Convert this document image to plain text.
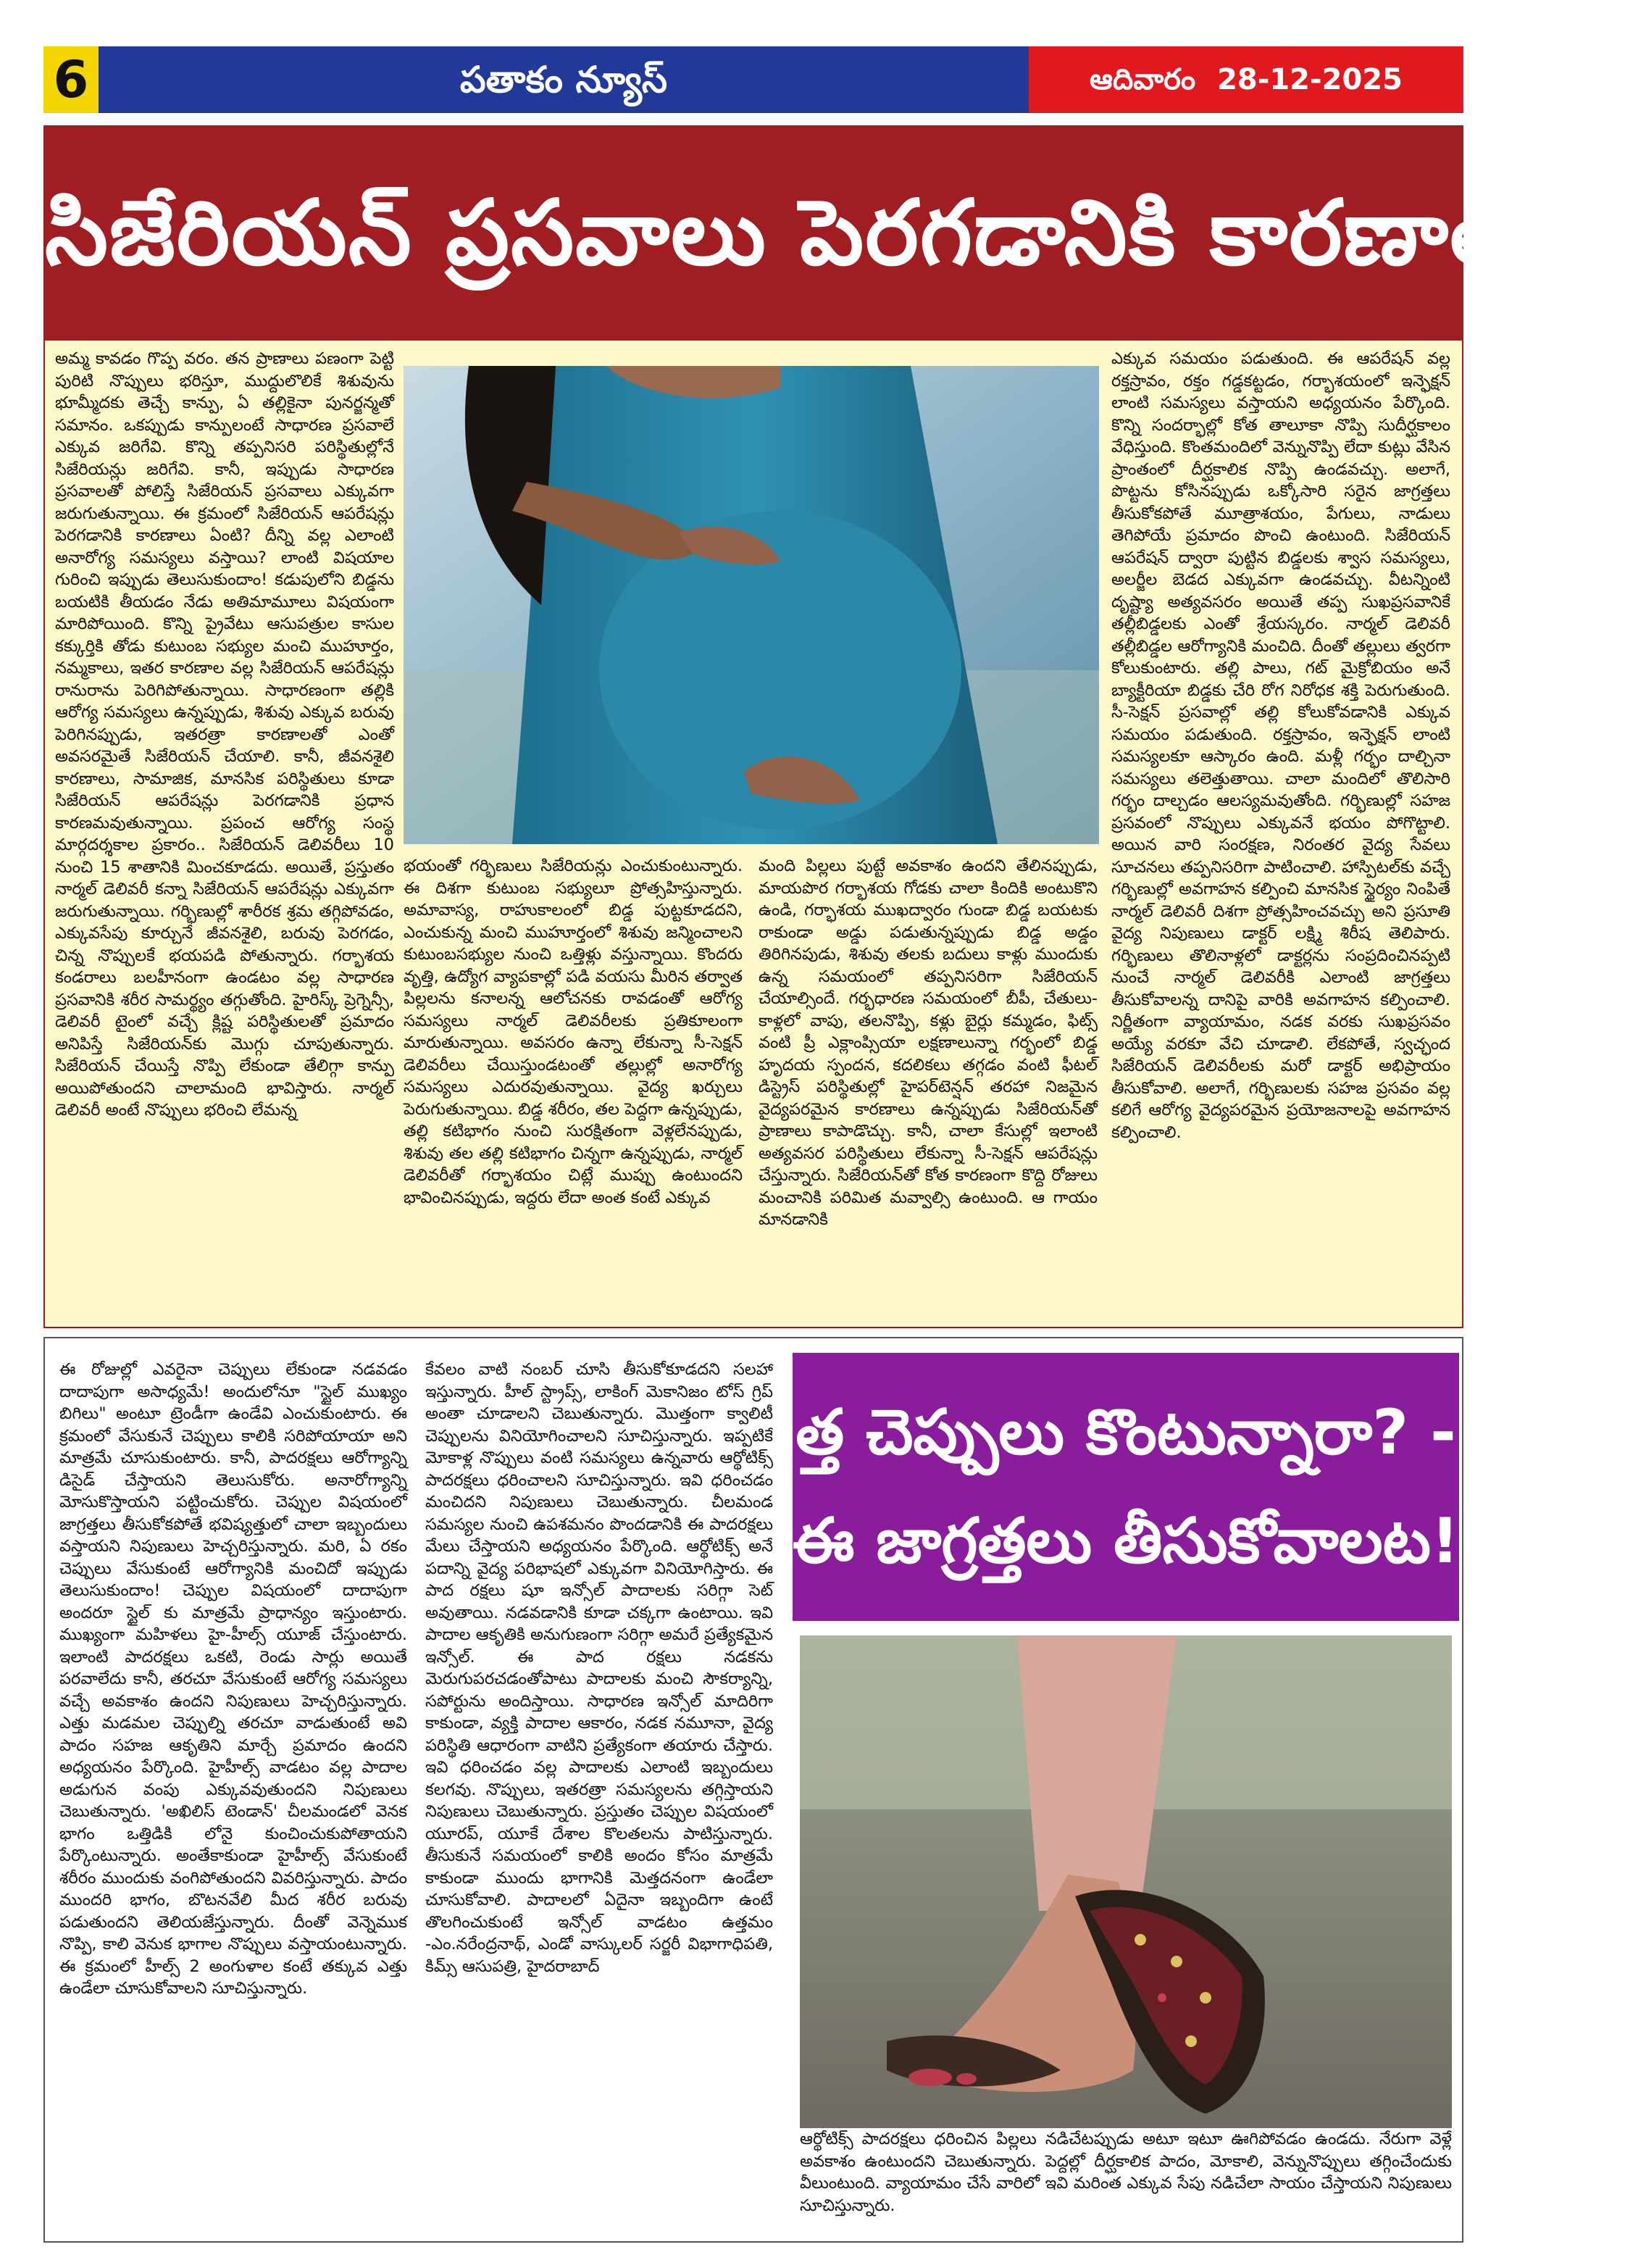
6	పతాకం న్యూస్	ఆదివారం 28-12-2025
సిజేరియన్ ప్రసవాలు పెరగడానికి కారణాలివే!

అమ్మ కావడం గొప్ప వరం. తన ప్రాణాలు పణంగా పెట్టి పురిటి నొప్పులు భరిస్తూ, ముద్దులొలికే శిశువును భూమ్మీదకు తెచ్చే కాన్పు, ఏ తల్లికైనా పునర్జన్మతో సమానం. ఒకప్పుడు కాన్పులంటే సాధారణ ప్రసవాలే ఎక్కువ జరిగేవి. కొన్ని తప్పనిసరి పరిస్థితుల్లోనే సిజేరియన్లు జరిగేవి. కానీ, ఇప్పుడు సాధారణ ప్రసవాలతో పోలిస్తే సిజేరియన్ ప్రసవాలు ఎక్కువగా జరుగుతున్నాయి. ఈ క్రమంలో సిజేరియన్ ఆపరేషన్లు పెరగడానికి కారణాలు ఏంటి? దీన్ని వల్ల ఎలాంటి అనారోగ్య సమస్యలు వస్తాయి? లాంటి విషయాల గురించి ఇప్పుడు తెలుసుకుందాం! కడుపులోని బిడ్డను బయటికి తీయడం నేడు అతిమామూలు విషయంగా మారిపోయింది. కొన్ని ప్రైవేటు ఆసుపత్రుల కాసుల కక్కుర్తికి తోడు కుటుంబ సభ్యుల మంచి ముహూర్తం, నమ్మకాలు, ఇతర కారణాల వల్ల సిజేరియన్ ఆపరేషన్లు రానురాను పెరిగిపోతున్నాయి. సాధారణంగా తల్లికి ఆరోగ్య సమస్యలు ఉన్నప్పుడు, శిశువు ఎక్కువ బరువు పెరిగినప్పుడు, ఇతరత్రా కారణాలతో ఎంతో అవసరమైతే సిజేరియన్ చేయాలి. కానీ, జీవనశైలి కారణాలు, సామాజిక, మానసిక పరిస్థితులు కూడా సిజేరియన్ ఆపరేషన్లు పెరగడానికి ప్రధాన కారణమవుతున్నాయి. ప్రపంచ ఆరోగ్య సంస్థ మార్గదర్శకాల ప్రకారం.. సిజేరియన్ డెలివరీలు 10 నుంచి 15 శాతానికి మించకూడదు. అయితే, ప్రస్తుతం నార్మల్ డెలివరీ కన్నా సిజేరియన్ ఆపరేషన్లు ఎక్కువగా జరుగుతున్నాయి. గర్భిణుల్లో శారీరక శ్రమ తగ్గిపోవడం, ఎక్కువసేపు కూర్చునే జీవనశైలి, బరువు పెరగడం, చిన్న నొప్పులకే భయపడి పోతున్నారు. గర్భాశయ కండరాలు బలహీనంగా ఉండటం వల్ల సాధారణ ప్రసవానికి శరీర సామర్థ్యం తగ్గుతోంది. హైరిస్క్ ప్రెగ్నెన్సీ, డెలివరీ టైంలో వచ్చే క్లిష్ట పరిస్థితులతో ప్రమాదం అనిపిస్తే సిజేరియన్‌కు మొగ్గు చూపుతున్నారు. సిజేరియన్ చేయిస్తే నొప్పి లేకుండా తేలిగ్గా కాన్పు అయిపోతుందని చాలామంది భావిస్తారు. నార్మల్ డెలివరీ అంటే నొప్పులు భరించి లేమన్న

భయంతో గర్భిణులు సిజేరియన్లు ఎంచుకుంటున్నారు. ఈ దిశగా కుటుంబ సభ్యులూ ప్రోత్సహిస్తున్నారు. అమావాస్య, రాహుకాలంలో బిడ్డ పుట్టకూడదని, ఎంచుకున్న మంచి ముహూర్తంలో శిశువు జన్మించాలని కుటుంబసభ్యుల నుంచి ఒత్తిళ్లు వస్తున్నాయి. కొందరు వృత్తి, ఉద్యోగ వ్యాపకాల్లో పడి వయసు మీరిన తర్వాత పిల్లలను కనాలన్న ఆలోచనకు రావడంతో ఆరోగ్య సమస్యలు నార్మల్ డెలివరీలకు ప్రతికూలంగా మారుతున్నాయి. అవసరం ఉన్నా లేకున్నా సీ-సెక్షన్ డెలివరీలు చేయిస్తుండటంతో తల్లుల్లో అనారోగ్య సమస్యలు ఎదురవుతున్నాయి. వైద్య ఖర్చులు పెరుగుతున్నాయి. బిడ్డ శరీరం, తల పెద్దగా ఉన్నప్పుడు, తల్లి కటిభాగం నుంచి సురక్షితంగా వెళ్లలేనప్పుడు, శిశువు తల తల్లి కటిభాగం చిన్నగా ఉన్నప్పుడు, నార్మల్ డెలివరీతో గర్భాశయం చిట్లే ముప్పు ఉంటుందని భావించినప్పుడు, ఇద్దరు లేదా అంత కంటే ఎక్కువ

మంది పిల్లలు పుట్టే అవకాశం ఉందని తేలినప్పుడు, మాయపొర గర్భాశయ గోడకు చాలా కిందికి అంటుకొని ఉండి, గర్భాశయ ముఖద్వారం గుండా బిడ్డ బయటకు రాకుండా అడ్డు పడుతున్నప్పుడు బిడ్డ అడ్డం తిరిగినపుడు, శిశువు తలకు బదులు కాళ్లు ముందుకు ఉన్న సమయంలో తప్పనిసరిగా సిజేరియన్ చేయాల్సిందే. గర్భధారణ సమయంలో బీపీ, చేతులు-కాళ్లలో వాపు, తలనొప్పి, కళ్లు బైర్లు కమ్మడం, ఫిట్స్ వంటి ప్రీ ఎక్లాంప్సియా లక్షణాలున్నా గర్భంలో బిడ్డ హృదయ స్పందన, కదలికలు తగ్గడం వంటి ఫీటల్ డిస్ట్రెస్ పరిస్థితుల్లో హైపర్‌టెన్షన్ తరహా నిజమైన వైద్యపరమైన కారణాలు ఉన్నప్పుడు సిజేరియన్‌తో ప్రాణాలు కాపాడొచ్చు. కానీ, చాలా కేసుల్లో ఇలాంటి అత్యవసర పరిస్థితులు లేకున్నా సీ-సెక్షన్ ఆపరేషన్లు చేస్తున్నారు. సిజేరియన్‌తో కోత కారణంగా కొద్ది రోజులు మంచానికి పరిమిత మవ్వాల్సి ఉంటుంది. ఆ గాయం మానడానికి

ఎక్కువ సమయం పడుతుంది. ఈ ఆపరేషన్ వల్ల రక్తస్రావం, రక్తం గడ్డకట్టడం, గర్భాశయంలో ఇన్ఫెక్షన్ లాంటి సమస్యలు వస్తాయని అధ్యయనం పేర్కొంది. కొన్ని సందర్భాల్లో కోత తాలూకా నొప్పి సుదీర్ఘకాలం వేధిస్తుంది. కొంతమందిలో వెన్నునొప్పి లేదా కుట్లు వేసిన ప్రాంతంలో దీర్ఘకాలిక నొప్పి ఉండవచ్చు. అలాగే, పొట్టను కోసినప్పుడు ఒక్కోసారి సరైన జాగ్రత్తలు తీసుకోకపోతే మూత్రాశయం, పేగులు, నాడులు తెగిపోయే ప్రమాదం పొంచి ఉంటుంది. సిజేరియన్ ఆపరేషన్ ద్వారా పుట్టిన బిడ్డలకు శ్వాస సమస్యలు, అలర్జీల బెడద ఎక్కువగా ఉండవచ్చు. వీటన్నింటి దృష్ట్యా అత్యవసరం అయితే తప్ప సుఖప్రసవానికే తల్లీబిడ్డలకు ఎంతో శ్రేయస్కరం. నార్మల్ డెలివరీ తల్లీబిడ్డల ఆరోగ్యానికి మంచిది. దీంతో తల్లులు త్వరగా కోలుకుంటారు. తల్లి పాలు, గట్ మైక్రోబియం అనే బ్యాక్టీరియా బిడ్డకు చేరి రోగ నిరోధక శక్తి పెరుగుతుంది. సీ-సెక్షన్ ప్రసవాల్లో తల్లి కోలుకోవడానికి ఎక్కువ సమయం పడుతుంది. రక్తస్రావం, ఇన్ఫెక్షన్ లాంటి సమస్యలకూ ఆస్కారం ఉంది. మళ్లీ గర్భం దాల్చినా సమస్యలు తలెత్తుతాయి. చాలా మందిలో తొలిసారి గర్భం దాల్చడం ఆలస్యమవుతోంది. గర్భిణుల్లో సహజ ప్రసవంలో నొప్పులు ఎక్కువనే భయం పోగొట్టాలి. అయిన వారి సంరక్షణ, నిరంతర వైద్య సేవలు సూచనలు తప్పనిసరిగా పాటించాలి. హాస్పిటల్‌కు వచ్చే గర్భిణుల్లో అవగాహన కల్పించి మానసిక స్థైర్యం నింపితే నార్మల్ డెలివరీ దిశగా ప్రోత్సహించవచ్చు అని ప్రసూతి వైద్య నిపుణులు డాక్టర్ లక్ష్మి శిరీష తెలిపారు. గర్భిణులు తొలినాళ్లలో డాక్టర్లను సంప్రదించినప్పటి నుంచే నార్మల్ డెలివరీకి ఎలాంటి జాగ్రత్తలు తీసుకోవాలన్న దానిపై వారికి అవగాహన కల్పించాలి. నిర్ణీతంగా వ్యాయామం, నడక వరకు సుఖప్రసవం అయ్యే వరకూ వేచి చూడాలి. లేకపోతే, స్వచ్ఛంద సిజేరియన్ డెలివరీలకు మరో డాక్టర్ అభిప్రాయం తీసుకోవాలి. అలాగే, గర్భిణులకు సహజ ప్రసవం వల్ల కలిగే ఆరోగ్య వైద్యపరమైన ప్రయోజనాలపై అవగాహన కల్పించాలి.

ఈ రోజుల్లో ఎవరైనా చెప్పులు లేకుండా నడవడం దాదాపుగా అసాధ్యమే! అందులోనూ "స్టైల్ ముఖ్యం బిగిలు" అంటూ ట్రెండీగా ఉండేవి ఎంచుకుంటారు. ఈ క్రమంలో వేసుకునే చెప్పులు కాలికి సరిపోయాయా అని మాత్రమే చూసుకుంటారు. కానీ, పాదరక్షలు ఆరోగ్యాన్ని డిసైడ్ చేస్తాయని తెలుసుకోరు. అనారోగ్యాన్ని మోసుకొస్తాయని పట్టించుకోరు. చెప్పుల విషయంలో జాగ్రత్తలు తీసుకోకపోతే భవిష్యత్తులో చాలా ఇబ్బందులు వస్తాయని నిపుణులు హెచ్చరిస్తున్నారు. మరి, ఏ రకం చెప్పులు వేసుకుంటే ఆరోగ్యానికి మంచిదో ఇప్పుడు తెలుసుకుందాం! చెప్పుల విషయంలో దాదాపుగా అందరూ స్టైల్ కు మాత్రమే ప్రాధాన్యం ఇస్తుంటారు. ముఖ్యంగా మహిళలు హై-హీల్స్ యూజ్ చేస్తుంటారు. ఇలాంటి పాదరక్షలు ఒకటి, రెండు సార్లు అయితే పరవాలేదు కానీ, తరచూ వేసుకుంటే ఆరోగ్య సమస్యలు వచ్చే అవకాశం ఉందని నిపుణులు హెచ్చరిస్తున్నారు. ఎత్తు మడమల చెప్పుల్ని తరచూ వాడుతుంటే అవి పాదం సహజ ఆకృతిని మార్చే ప్రమాదం ఉందని అధ్యయనం పేర్కొంది. హైహీల్స్ వాడటం వల్ల పాదాల అడుగున వంపు ఎక్కువవుతుందని నిపుణులు చెబుతున్నారు. 'అఖిలిస్ టెండాన్' చీలమండలో వెనక భాగం ఒత్తిడికి లోనై కుంచించుకుపోతాయని పేర్కొంటున్నారు. అంతేకాకుండా హైహీల్స్ వేసుకుంటే శరీరం ముందుకు వంగిపోతుందని వివరిస్తున్నారు. పాదం ముందరి భాగం, బొటనవేలి మీద శరీర బరువు పడుతుందని తెలియజేస్తున్నారు. దీంతో వెన్నెముక నొప్పి, కాలి వెనుక భాగాల నొప్పులు వస్తాయంటున్నారు. ఈ క్రమంలో హీల్స్ 2 అంగుళాల కంటే తక్కువ ఎత్తు ఉండేలా చూసుకోవాలని సూచిస్తున్నారు.

కేవలం వాటి నంబర్ చూసి తీసుకోకూడదని సలహా ఇస్తున్నారు. హీల్ స్ట్రాప్స్, లాకింగ్ మెకానిజం టోస్ గ్రిప్ అంతా చూడాలని చెబుతున్నారు. మొత్తంగా క్వాలిటీ చెప్పులను వినియోగించాలని సూచిస్తున్నారు. ఇప్పటికే మోకాళ్ల నొప్పులు వంటి సమస్యలు ఉన్నవారు ఆర్థోటిక్స్ పాదరక్షలు ధరించాలని సూచిస్తున్నారు. ఇవి ధరించడం మంచిదని నిపుణులు చెబుతున్నారు. చీలమండ సమస్యల నుంచి ఉపశమనం పొందడానికి ఈ పాదరక్షలు మేలు చేస్తాయని అధ్యయనం పేర్కొంది. ఆర్థోటిక్స్ అనే పదాన్ని వైద్య పరిభాషలో ఎక్కువగా వినియోగిస్తారు. ఈ పాద రక్షలు షూ ఇన్సోల్ పాదాలకు సరిగ్గా సెట్ అవుతాయి. నడవడానికి కూడా చక్కగా ఉంటాయి. ఇవి పాదాల ఆకృతికి అనుగుణంగా సరిగ్గా అమరే ప్రత్యేకమైన ఇన్సోల్. ఈ పాద రక్షలు నడకను మెరుగుపరచడంతోపాటు పాదాలకు మంచి సౌకర్యాన్ని, సపోర్టును అందిస్తాయి. సాధారణ ఇన్సోల్ మాదిరిగా కాకుండా, వ్యక్తి పాదాల ఆకారం, నడక నమూనా, వైద్య పరిస్థితి ఆధారంగా వాటిని ప్రత్యేకంగా తయారు చేస్తారు. ఇవి ధరించడం వల్ల పాదాలకు ఎలాంటి ఇబ్బందులు కలగవు. నొప్పులు, ఇతరత్రా సమస్యలను తగ్గిస్తాయని నిపుణులు చెబుతున్నారు. ప్రస్తుతం చెప్పుల విషయంలో యూరప్, యూకే దేశాల కొలతలను పాటిస్తున్నారు. తీసుకునే సమయంలో కాలికి అందం కోసం మాత్రమే కాకుండా ముందు భాగానికి మెత్తదనంగా ఉండేలా చూసుకోవాలి. పాదాలలో ఏదైనా ఇబ్బందిగా ఉంటే తొలగించుకుంటే ఇన్సోల్ వాడటం ఉత్తమం -ఎం.నరేంద్రనాథ్, ఎండో వాస్కులర్ సర్జరీ విభాగాధిపతి, కిమ్స్ ఆసుపత్రి, హైదరాబాద్

త్త చెప్పులు కొంటున్నారా? -
ఈ జాగ్రత్తలు తీసుకోవాలట!
ఆర్థోటిక్స్ పాదరక్షలు ధరించిన పిల్లలు నడిచేటప్పుడు అటూ ఇటూ ఊగిపోవడం ఉండదు. నేరుగా వెళ్లే అవకాశం ఉంటుందని చెబుతున్నారు. పెద్దల్లో దీర్ఘకాలిక పాదం, మోకాలి, వెన్నునొప్పులు తగ్గించేందుకు వీలుంటుంది. వ్యాయామం చేసే వారిలో ఇవి మరింత ఎక్కువ సేపు నడిచేలా సాయం చేస్తాయని నిపుణులు సూచిస్తున్నారు.
